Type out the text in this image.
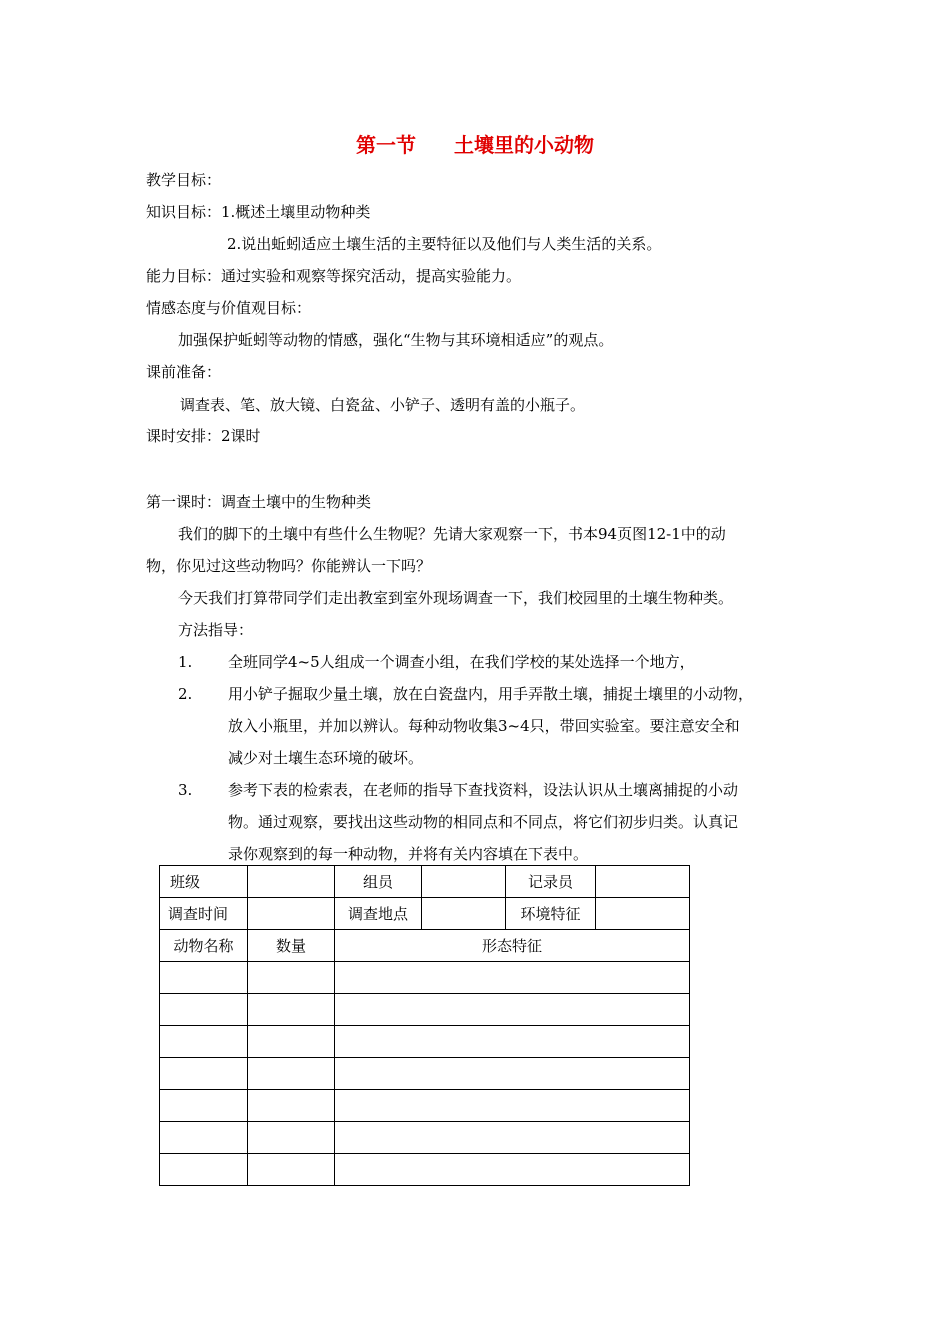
第一节 土壤里的小动物
教学目标：
知识目标：1.概述土壤里动物种类
2.说出蚯蚓适应土壤生活的主要特征以及他们与人类生活的关系。
能力目标：通过实验和观察等探究活动，提高实验能力。
情感态度与价值观目标：
加强保护蚯蚓等动物的情感，强化“生物与其环境相适应”的观点。
课前准备：
调查表、笔、放大镜、白瓷盆、小铲子、透明有盖的小瓶子。
课时安排：2课时
第一课时：调查土壤中的生物种类
我们的脚下的土壤中有些什么生物呢？先请大家观察一下，书本94页图12-1中的动
物，你见过这些动物吗？你能辨认一下吗？
今天我们打算带同学们走出教室到室外现场调查一下，我们校园里的土壤生物种类。
方法指导：
1. 全班同学4~5人组成一个调查小组，在我们学校的某处选择一个地方，
2. 用小铲子掘取少量土壤，放在白瓷盘内，用手弄散土壤，捕捉土壤里的小动物，
放入小瓶里，并加以辨认。每种动物收集3~4只，带回实验室。要注意安全和
减少对土壤生态环境的破坏。
3. 参考下表的检索表，在老师的指导下查找资料，设法认识从土壤离捕捉的小动
物。通过观察，要找出这些动物的相同点和不同点，将它们初步归类。认真记
录你观察到的每一种动物，并将有关内容填在下表中。
班级		组员		记录员	
调查时间		调查地点		环境特征	
动物名称	数量	形态特征			
